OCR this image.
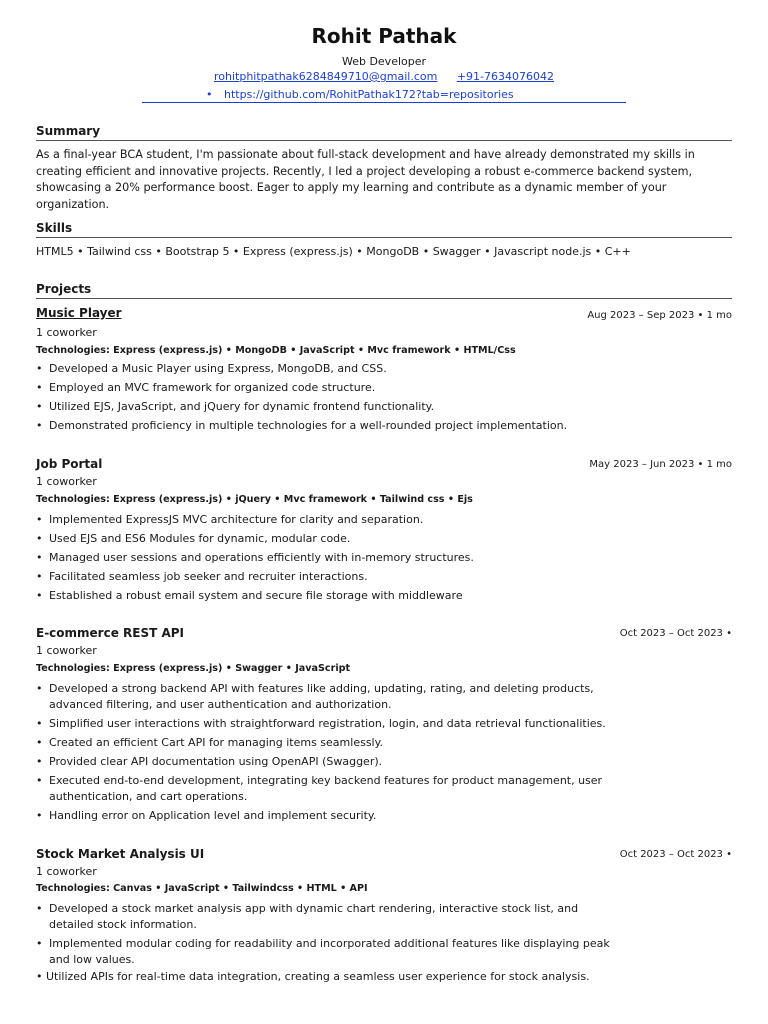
Rohit Pathak
Web Developer
rohitphitpathak6284849710@gmail.com +91-7634076042
• https://github.com/RohitPathak172?tab=repositories
Summary
As a final-year BCA student, I'm passionate about full-stack development and have already demonstrated my skills in creating efficient and innovative projects. Recently, I led a project developing a robust e-commerce backend system, showcasing a 20% performance boost. Eager to apply my learning and contribute as a dynamic member of your organization.
Skills
HTML5 • Tailwind css • Bootstrap 5 • Express (express.js) • MongoDB • Swagger • Javascript node.js • C++
Projects
Music Player	Aug 2023 – Sep 2023 • 1 mo
1 coworker
Technologies: Express (express.js) • MongoDB • JavaScript • Mvc framework • HTML/Css
• Developed a Music Player using Express, MongoDB, and CSS.
• Employed an MVC framework for organized code structure.
• Utilized EJS, JavaScript, and jQuery for dynamic frontend functionality.
• Demonstrated proficiency in multiple technologies for a well-rounded project implementation.
Job Portal	May 2023 – Jun 2023 • 1 mo
1 coworker
Technologies: Express (express.js) • jQuery • Mvc framework • Tailwind css • Ejs
• Implemented ExpressJS MVC architecture for clarity and separation.
• Used EJS and ES6 Modules for dynamic, modular code.
• Managed user sessions and operations efficiently with in-memory structures.
• Facilitated seamless job seeker and recruiter interactions.
• Established a robust email system and secure file storage with middleware
E-commerce REST API	Oct 2023 – Oct 2023 •
1 coworker
Technologies: Express (express.js) • Swagger • JavaScript
• Developed a strong backend API with features like adding, updating, rating, and deleting products, advanced filtering, and user authentication and authorization.
• Simplified user interactions with straightforward registration, login, and data retrieval functionalities.
• Created an efficient Cart API for managing items seamlessly.
• Provided clear API documentation using OpenAPI (Swagger).
• Executed end-to-end development, integrating key backend features for product management, user authentication, and cart operations.
• Handling error on Application level and implement security.
Stock Market Analysis UI	Oct 2023 – Oct 2023 •
1 coworker
Technologies: Canvas • JavaScript • Tailwindcss • HTML • API
• Developed a stock market analysis app with dynamic chart rendering, interactive stock list, and detailed stock information.
• Implemented modular coding for readability and incorporated additional features like displaying peak and low values.
• Utilized APIs for real-time data integration, creating a seamless user experience for stock analysis.
